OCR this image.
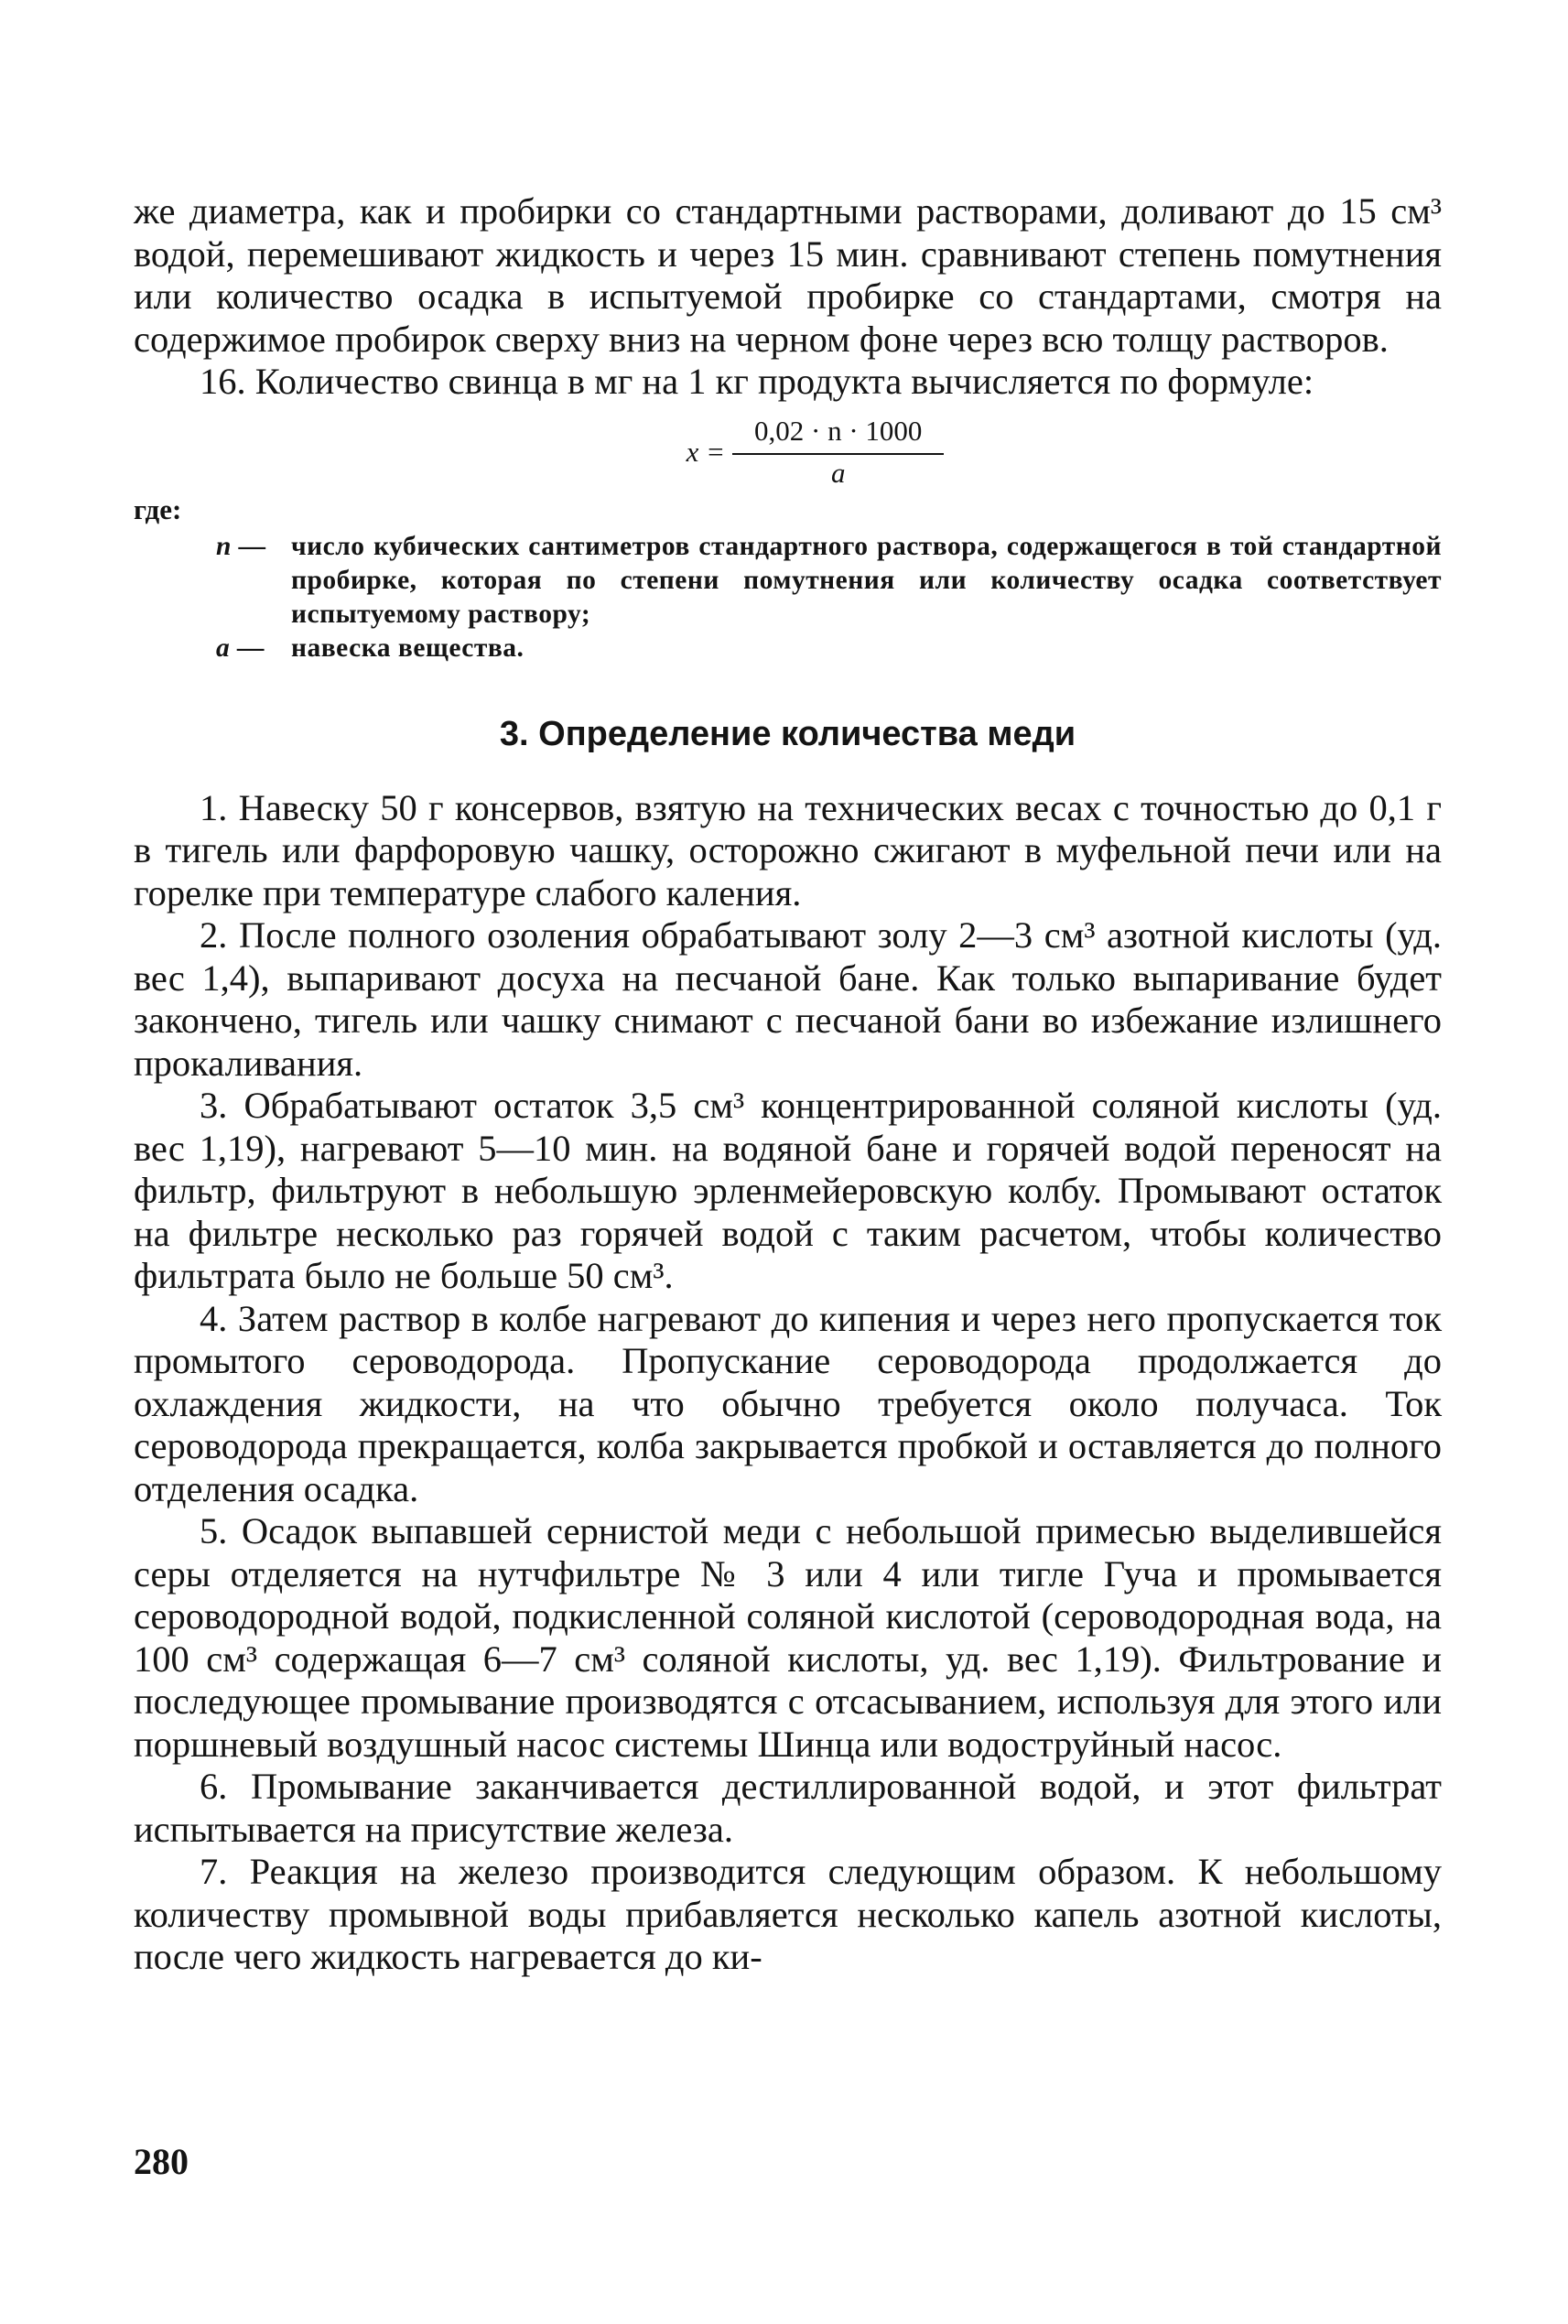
же диаметра, как и пробирки со стандартными растворами, доливают до 15 см³ водой, перемешивают жидкость и через 15 мин. сравнивают степень помутнения или количество осадка в испытуемой пробирке со стандартами, смотря на содержимое пробирок сверху вниз на черном фоне через всю толщу растворов.

16. Количество свинца в мг на 1 кг продукта вычисляется по формуле:

$x = \frac{0,02 \cdot n \cdot 1000}{a}$

где:

n — число кубических сантиметров стандартного раствора, содержащегося в той стандартной пробирке, которая по степени помутнения или количеству осадка соответствует испытуемому раствору;
a — навеска вещества.
3. Определение количества меди

1. Навеску 50 г консервов, взятую на технических весах с точностью до 0,1 г в тигель или фарфоровую чашку, осторожно сжигают в муфельной печи или на горелке при температуре слабого каления.

2. После полного озоления обрабатывают золу 2—3 см³ азотной кислоты (уд. вес 1,4), выпаривают досуха на песчаной бане. Как только выпаривание будет закончено, тигель или чашку снимают с песчаной бани во избежание излишнего прокаливания.

3. Обрабатывают остаток 3,5 см³ концентрированной соляной кислоты (уд. вес 1,19), нагревают 5—10 мин. на водяной бане и горячей водой переносят на фильтр, фильтруют в небольшую эрленмейеровскую колбу. Промывают остаток на фильтре несколько раз горячей водой с таким расчетом, чтобы количество фильтрата было не больше 50 см³.

4. Затем раствор в колбе нагревают до кипения и через него пропускается ток промытого сероводорода. Пропускание сероводорода продолжается до охлаждения жидкости, на что обычно требуется около получаса. Ток сероводорода прекращается, колба закрывается пробкой и оставляется до полного отделения осадка.

5. Осадок выпавшей сернистой меди с небольшой примесью выделившейся серы отделяется на нутчфильтре № 3 или 4 или тигле Гуча и промывается сероводородной водой, подкисленной соляной кислотой (сероводородная вода, на 100 см³ содержащая 6—7 см³ соляной кислоты, уд. вес 1,19). Фильтрование и последующее промывание производятся с отсасыванием, используя для этого или поршневый воздушный насос системы Шинца или водоструйный насос.

6. Промывание заканчивается дестиллированной водой, и этот фильтрат испытывается на присутствие железа.

7. Реакция на железо производится следующим образом. К небольшому количеству промывной воды прибавляется несколько капель азотной кислоты, после чего жидкость нагревается до ки-

280
